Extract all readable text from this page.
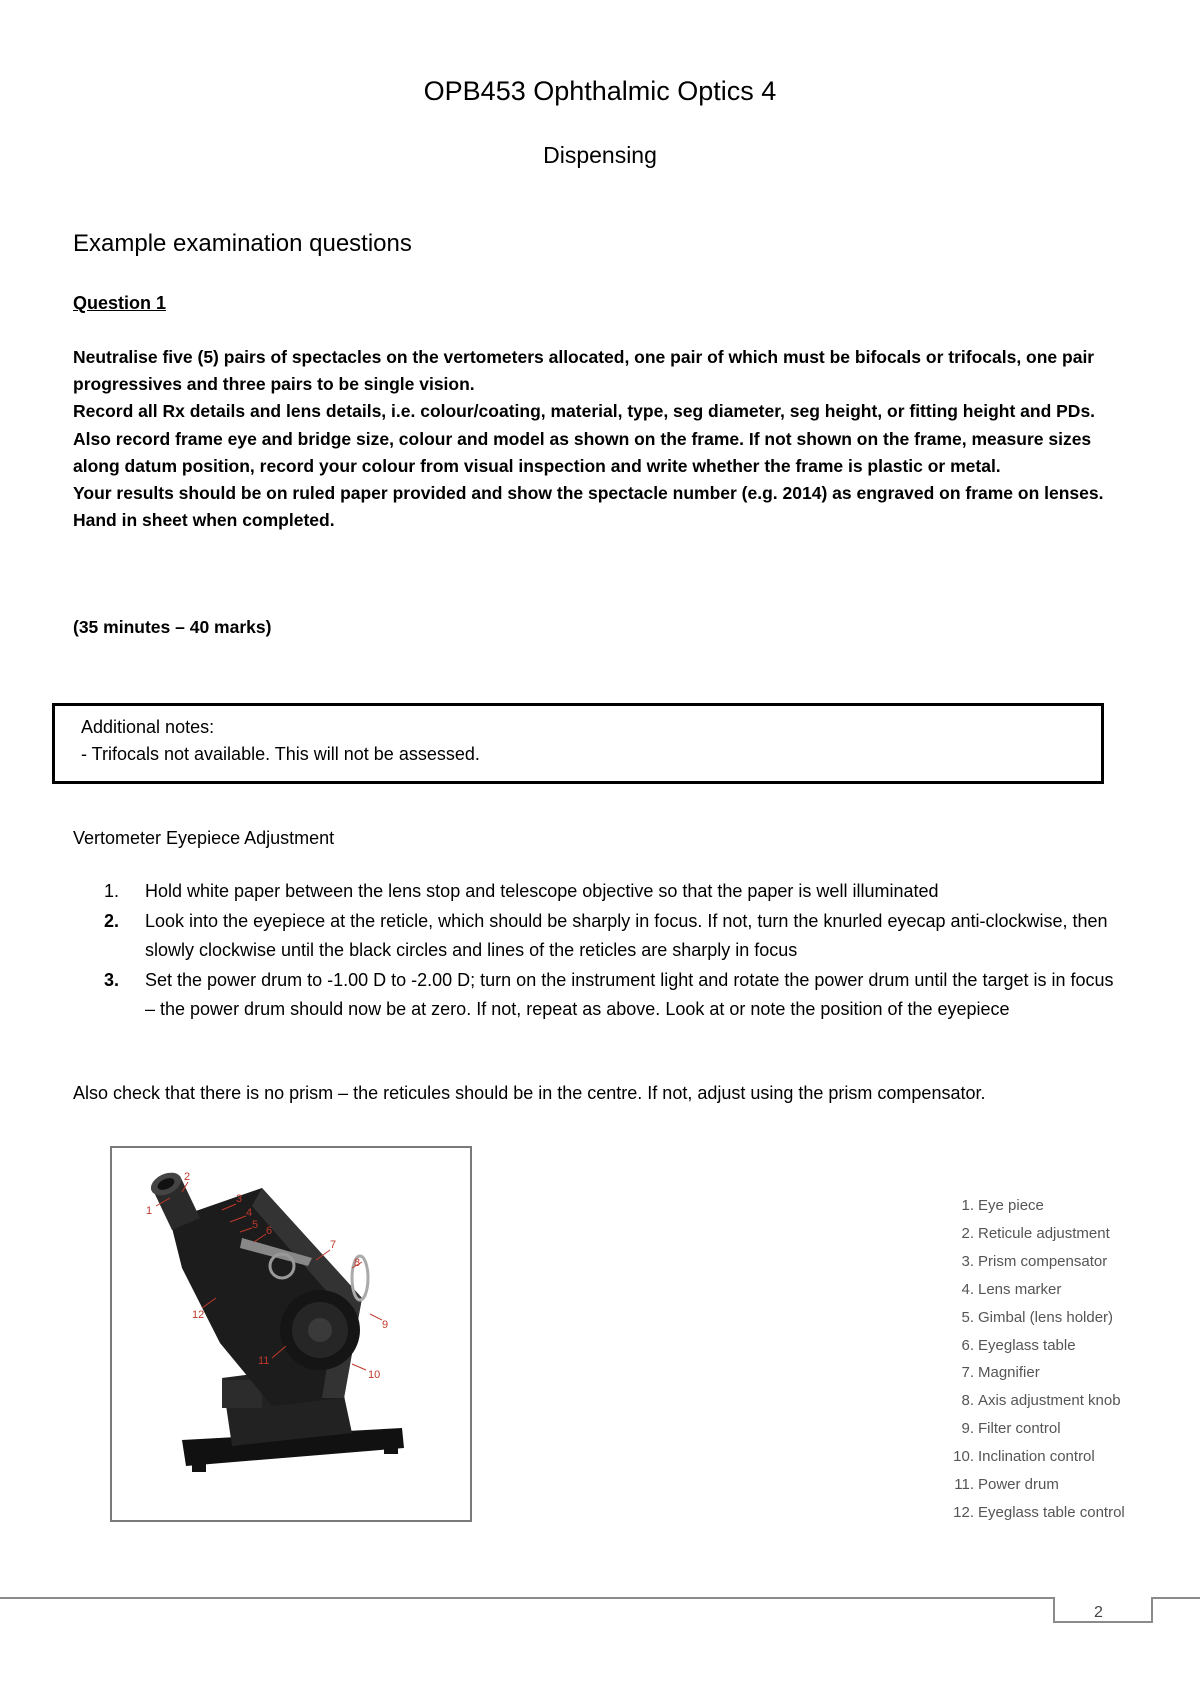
OPB453 Ophthalmic Optics 4
Dispensing
Example examination questions
Question 1

Neutralise five (5) pairs of spectacles on the vertometers allocated, one pair of which must be bifocals or trifocals, one pair progressives and three pairs to be single vision.

Record all Rx details and lens details, i.e. colour/coating, material, type, seg diameter, seg height, or fitting height and PDs.

Also record frame eye and bridge size, colour and model as shown on the frame. If not shown on the frame, measure sizes along datum position, record your colour from visual inspection and write whether the frame is plastic or metal.

Your results should be on ruled paper provided and show the spectacle number (e.g. 2014) as engraved on frame on lenses. Hand in sheet when completed.

(35 minutes – 40 marks)
Additional notes:
- Trifocals not available. This will not be assessed.
Vertometer Eyepiece Adjustment
1. Hold white paper between the lens stop and telescope objective so that the paper is well illuminated
2. Look into the eyepiece at the reticle, which should be sharply in focus. If not, turn the knurled eyecap anti-clockwise, then slowly clockwise until the black circles and lines of the reticles are sharply in focus
3. Set the power drum to -1.00 D to -2.00 D; turn on the instrument light and rotate the power drum until the target is in focus – the power drum should now be at zero. If not, repeat as above. Look at or note the position of the eyepiece
Also check that there is no prism – the reticules should be in the centre. If not, adjust using the prism compensator.
1
2
3
4
5 6
7
8
9
10
11
12
1. Eye piece
2. Reticule adjustment
3. Prism compensator
4. Lens marker
5. Gimbal (lens holder)
6. Eyeglass table
7. Magnifier
8. Axis adjustment knob
9. Filter control
10. Inclination control
11. Power drum
12. Eyeglass table control
2
